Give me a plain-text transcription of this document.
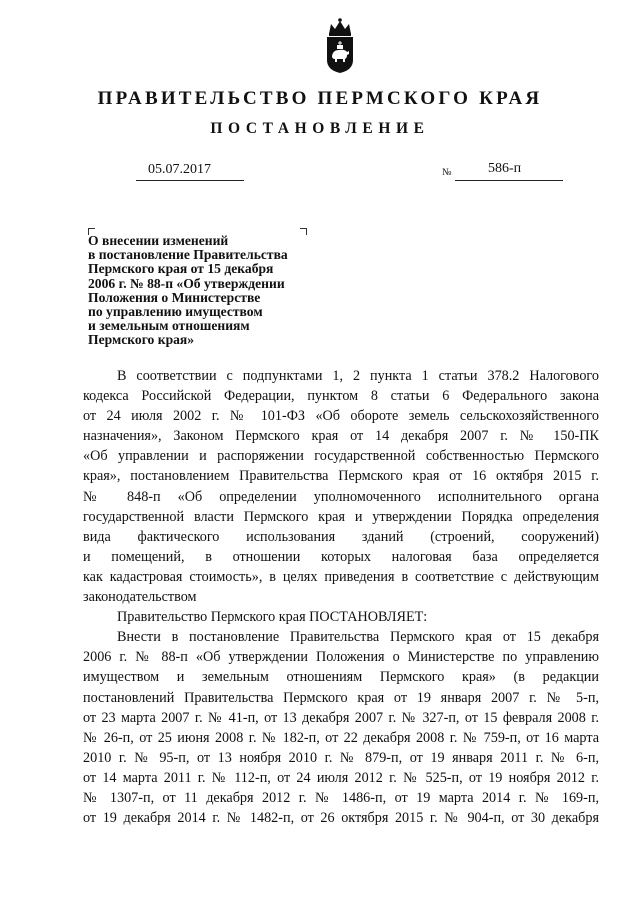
ПРАВИТЕЛЬСТВО ПЕРМСКОГО КРАЯ
ПОСТАНОВЛЕНИЕ
05.07.2017	№	586-п
О внесении изменений
в постановление Правительства
Пермского края от 15 декабря
2006 г. № 88-п «Об утверждении
Положения о Министерстве
по управлению имуществом
и земельным отношениям
Пермского края»
В соответствии с подпунктами 1, 2 пункта 1 статьи 378.2 Налогового
кодекса Российской Федерации, пунктом 8 статьи 6 Федерального закона
от 24 июля 2002 г. № 101-ФЗ «Об обороте земель сельскохозяйственного
назначения», Законом Пермского края от 14 декабря 2007 г. № 150-ПК
«Об управлении и распоряжении государственной собственностью Пермского
края», постановлением Правительства Пермского края от 16 октября 2015 г.
№ 848-п «Об определении уполномоченного исполнительного органа
государственной власти Пермского края и утверждении Порядка определения
вида фактического использования зданий (строений, сооружений)
и помещений, в отношении которых налоговая база определяется
как кадастровая стоимость», в целях приведения в соответствие с действующим
законодательством
Правительство Пермского края ПОСТАНОВЛЯЕТ:
Внести в постановление Правительства Пермского края от 15 декабря
2006 г. № 88-п «Об утверждении Положения о Министерстве по управлению
имуществом и земельным отношениям Пермского края» (в редакции
постановлений Правительства Пермского края от 19 января 2007 г. № 5-п,
от 23 марта 2007 г. № 41-п, от 13 декабря 2007 г. № 327-п, от 15 февраля 2008 г.
№ 26-п, от 25 июня 2008 г. № 182-п, от 22 декабря 2008 г. № 759-п, от 16 марта
2010 г. № 95-п, от 13 ноября 2010 г. № 879-п, от 19 января 2011 г. № 6-п,
от 14 марта 2011 г. № 112-п, от 24 июля 2012 г. № 525-п, от 19 ноября 2012 г.
№ 1307-п, от 11 декабря 2012 г. № 1486-п, от 19 марта 2014 г. № 169-п,
от 19 декабря 2014 г. № 1482-п, от 26 октября 2015 г. № 904-п, от 30 декабря
